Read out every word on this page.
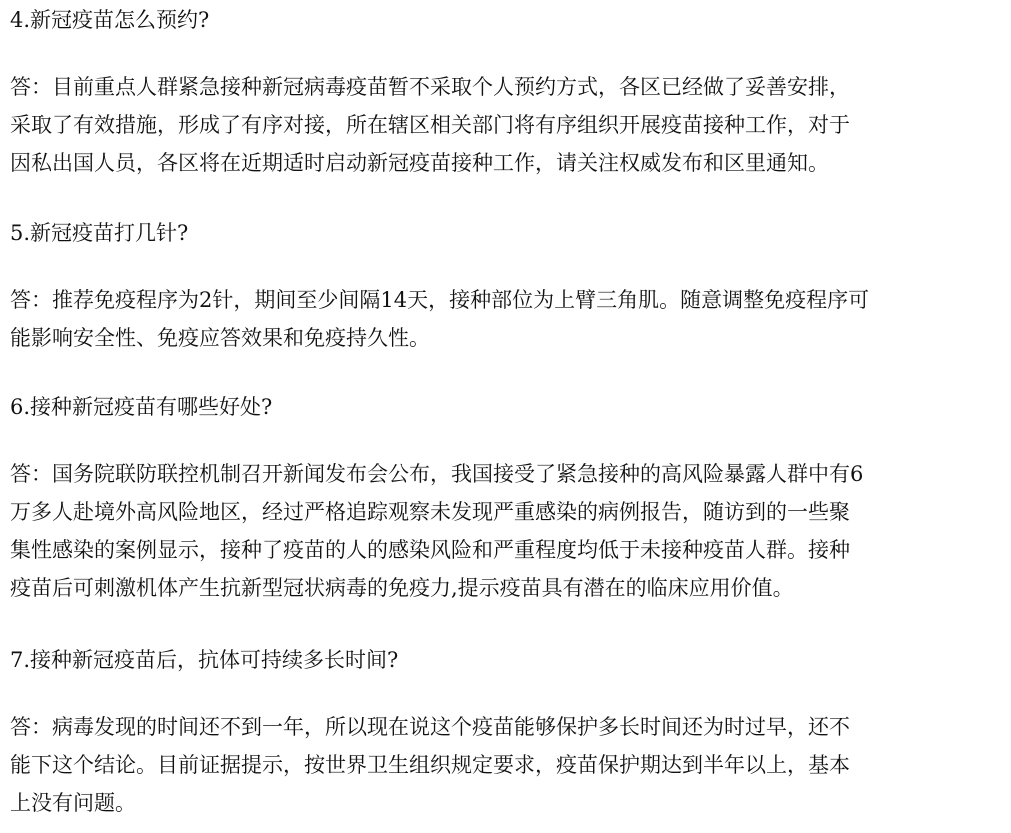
4.新冠疫苗怎么预约?

答：目前重点人群紧急接种新冠病毒疫苗暂不采取个人预约方式，各区已经做了妥善安排，
采取了有效措施，形成了有序对接，所在辖区相关部门将有序组织开展疫苗接种工作，对于
因私出国人员，各区将在近期适时启动新冠疫苗接种工作，请关注权威发布和区里通知。

5.新冠疫苗打几针?

答：推荐免疫程序为2针，期间至少间隔14天，接种部位为上臂三角肌。随意调整免疫程序可
能影响安全性、免疫应答效果和免疫持久性。

6.接种新冠疫苗有哪些好处?

答：国务院联防联控机制召开新闻发布会公布，我国接受了紧急接种的高风险暴露人群中有6
万多人赴境外高风险地区，经过严格追踪观察未发现严重感染的病例报告，随访到的一些聚
集性感染的案例显示，接种了疫苗的人的感染风险和严重程度均低于未接种疫苗人群。接种
疫苗后可刺激机体产生抗新型冠状病毒的免疫力,提示疫苗具有潜在的临床应用价值。

7.接种新冠疫苗后，抗体可持续多长时间?

答：病毒发现的时间还不到一年，所以现在说这个疫苗能够保护多长时间还为时过早，还不
能下这个结论。目前证据提示，按世界卫生组织规定要求，疫苗保护期达到半年以上，基本
上没有问题。
